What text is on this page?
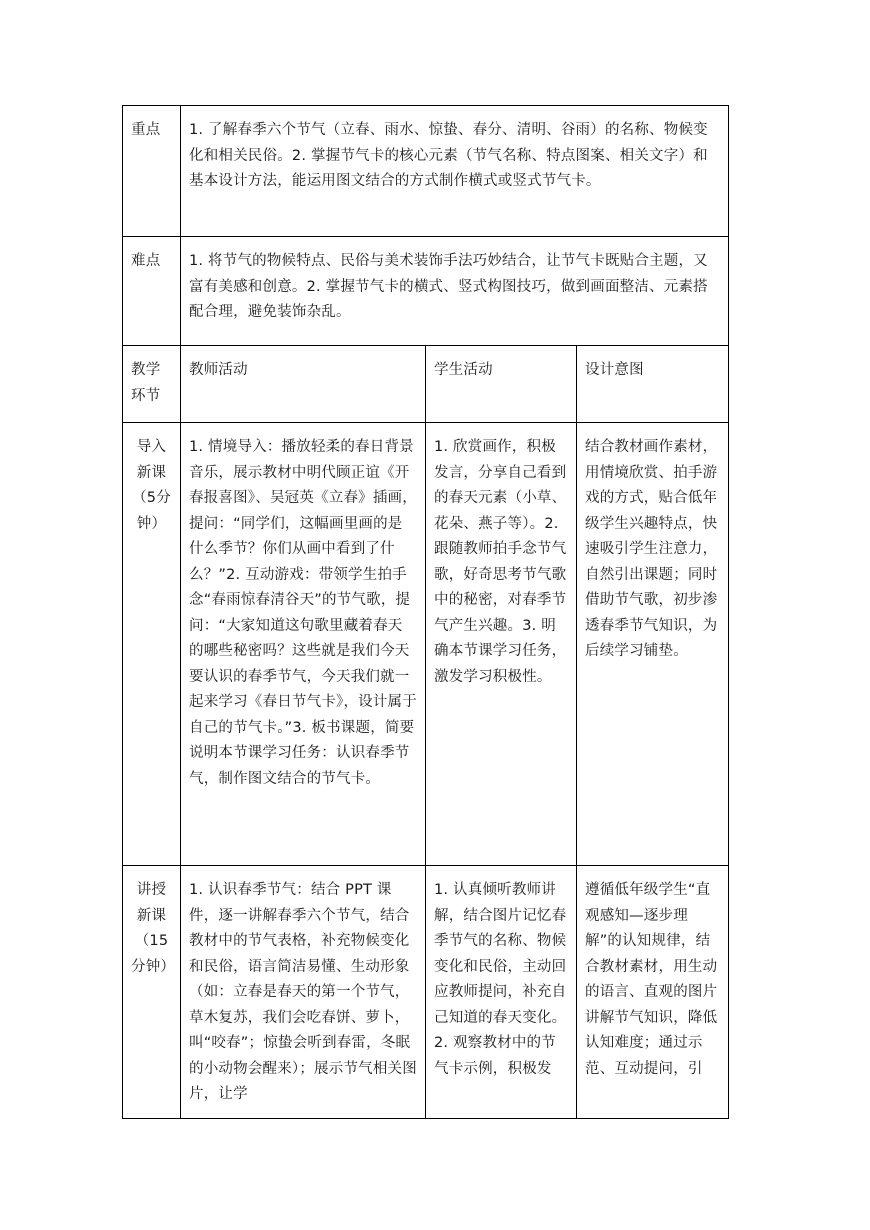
重点	1. 了解春季六个节气（立春、雨水、惊蛰、春分、清明、谷雨）的名称、物候变化和相关民俗。2. 掌握节气卡的核心元素（节气名称、特点图案、相关文字）和基本设计方法，能运用图文结合的方式制作横式或竖式节气卡。		
难点	1. 将节气的物候特点、民俗与美术装饰手法巧妙结合，让节气卡既贴合主题，又富有美感和创意。2. 掌握节气卡的横式、竖式构图技巧，做到画面整洁、元素搭配合理，避免装饰杂乱。		

教学环节	教师活动	学生活动	设计意图

导入新课（5分钟）	1. 情境导入：播放轻柔的春日背景音乐，展示教材中明代顾正谊《开春报喜图》、吴冠英《立春》插画，提问：“同学们，这幅画里画的是什么季节？你们从画中看到了什么？”2. 互动游戏：带领学生拍手念“春雨惊春清谷天”的节气歌，提问：“大家知道这句歌里藏着春天的哪些秘密吗？这些就是我们今天要认识的春季节气，今天我们就一起来学习《春日节气卡》，设计属于自己的节气卡。”3. 板书课题，简要说明本节课学习任务：认识春季节气，制作图文结合的节气卡。	1. 欣赏画作，积极发言，分享自己看到的春天元素（小草、花朵、燕子等）。2. 跟随教师拍手念节气歌，好奇思考节气歌中的秘密，对春季节气产生兴趣。3. 明确本节课学习任务，激发学习积极性。	结合教材画作素材，用情境欣赏、拍手游戏的方式，贴合低年级学生兴趣特点，快速吸引学生注意力，自然引出课题；同时借助节气歌，初步渗透春季节气知识，为后续学习铺垫。

讲授新课（15分钟）	1. 认识春季节气：结合 PPT 课件，逐一讲解春季六个节气，结合教材中的节气表格，补充物候变化和民俗，语言简洁易懂、生动形象（如：立春是春天的第一个节气，草木复苏，我们会吃春饼、萝卜，叫“咬春”；惊蛰会听到春雷，冬眠的小动物会醒来）；展示节气相关图片，让学	1. 认真倾听教师讲解，结合图片记忆春季节气的名称、物候变化和民俗，主动回应教师提问，补充自己知道的春天变化。2. 观察教材中的节气卡示例，积极发	遵循低年级学生“直观感知—逐步理解”的认知规律，结合教材素材，用生动的语言、直观的图片讲解节气知识，降低认知难度；通过示范、互动提问，引
